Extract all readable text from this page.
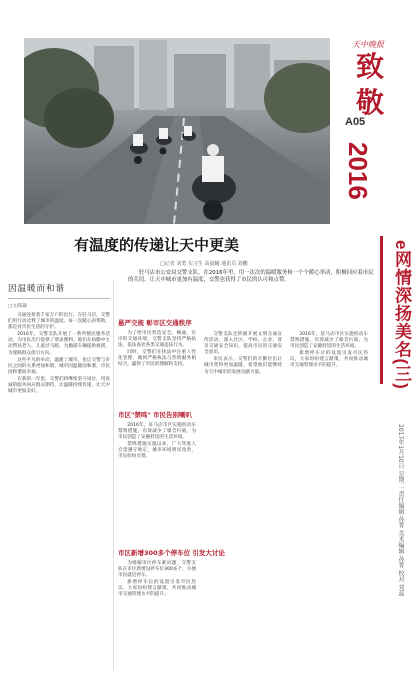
天中晚报
致
敬
A05
2016
e网情深扬美名(三)
2017年1月10日 星期二 责任编辑 孙菁 美术编辑 孙菁 校对 刘蕊
有温度的传递让天中更美
□记者 刘勇 实习生 高晨曦 通讯员 刘鹏

驻马店市公安局交警支队，在2016年里，用一次次的温暖服务和一个个暖心举动，积极回应着市民的关切，让天中城市更加有温度，交警也获得了市民的认可和点赞。

因温暖而和谐
□文/陈静

交通连接着千家万户的出行。在驻马店，交警们用行动诠释了城市的温度。每一次暖心的帮助，都是对市民生活的守护。

2016年，交警支队开展了一系列便民服务活动，为市民出行提供了诸多便利。他们在执勤中主动帮扶老人、儿童过马路，为抛锚车辆提供救援，为迷路群众指引方向。

这些平凡的举动，温暖了城市，也让交警与市民之间的关系更加和谐。城市因温暖而和谐，市民因和谐而幸福。

在新的一年里，交警们将继续坚守岗位，用真诚的服务回应群众期待，让温暖持续传递，让天中城市更加美好。

悬严交规 彰市区交通秩序

为了给市民营造安全、畅通、有序的交通环境，交警支队坚持严格执法，依法查处各类交通违法行为。

同时，交警们在执法中注重人性化管理，做到严格执法与热情服务相结合，赢得了市民的理解和支持。

市区"禁鸣" 市民告别喇叭

2016年，驻马店市区实施机动车禁鸣措施，有效减少了噪音污染，为市民创造了安静舒适的生活环境。

禁鸣措施实施以来，广大驾驶人自觉遵守规定，城市环境明显改善，市民纷纷点赞。

市区新增300多个停车位 引发大讨论

为缓解市区停车难问题，交警支队在市区新增设停车位300多个，方便市民就近停车。

新增停车位的设置引发市民热议，大家纷纷建言献策，共同推动城市交通管理水平的提升。

交警支队还积极开展文明交通宣传活动，深入社区、学校、企业，普及交通安全知识，提高市民的交通安全意识。

市民表示，交警们的辛勤付出让城市变得更加温暖，希望他们能继续为天中城市的发展贡献力量。

2016年，驻马店市区实施机动车禁鸣措施，有效减少了噪音污染，为市民创造了安静舒适的生活环境。

新增停车位的设置引发市民热议，大家纷纷建言献策，共同推动城市交通管理水平的提升。
